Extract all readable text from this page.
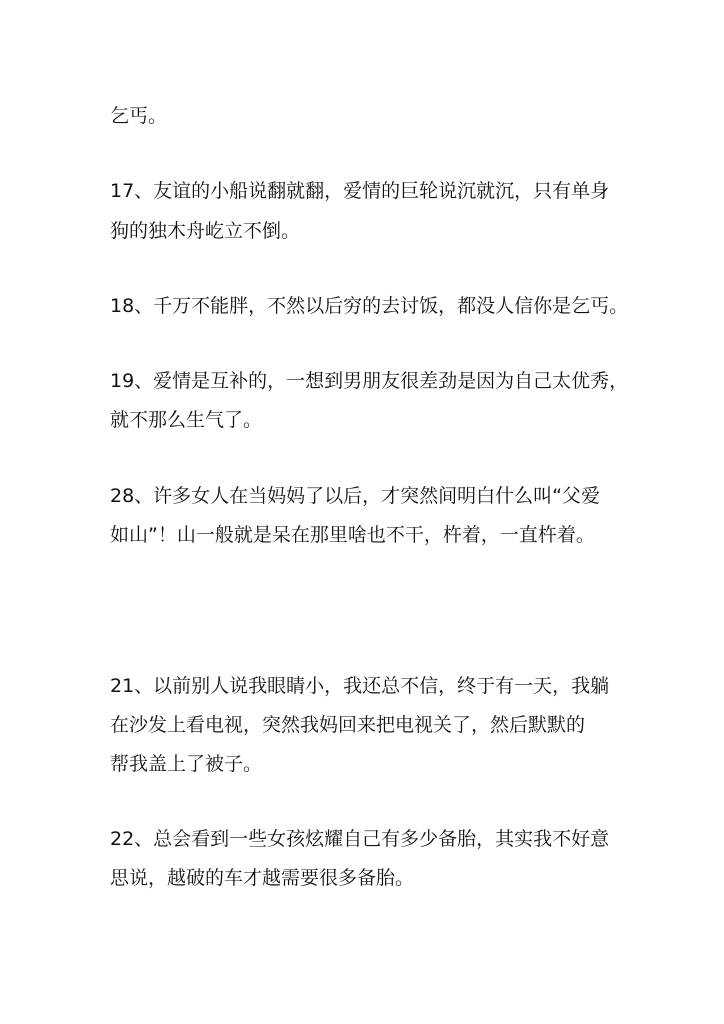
乞丐。
17、友谊的小船说翻就翻，爱情的巨轮说沉就沉，只有单身
狗的独木舟屹立不倒。
18、千万不能胖，不然以后穷的去讨饭，都没人信你是乞丐。
19、爱情是互补的，一想到男朋友很差劲是因为自己太优秀，
就不那么生气了。
28、许多女人在当妈妈了以后，才突然间明白什么叫“父爱
如山”！山一般就是呆在那里啥也不干，杵着，一直杵着。
21、以前别人说我眼睛小，我还总不信，终于有一天，我躺
在沙发上看电视，突然我妈回来把电视关了，然后默默的
帮我盖上了被子。
22、总会看到一些女孩炫耀自己有多少备胎，其实我不好意
思说，越破的车才越需要很多备胎。
